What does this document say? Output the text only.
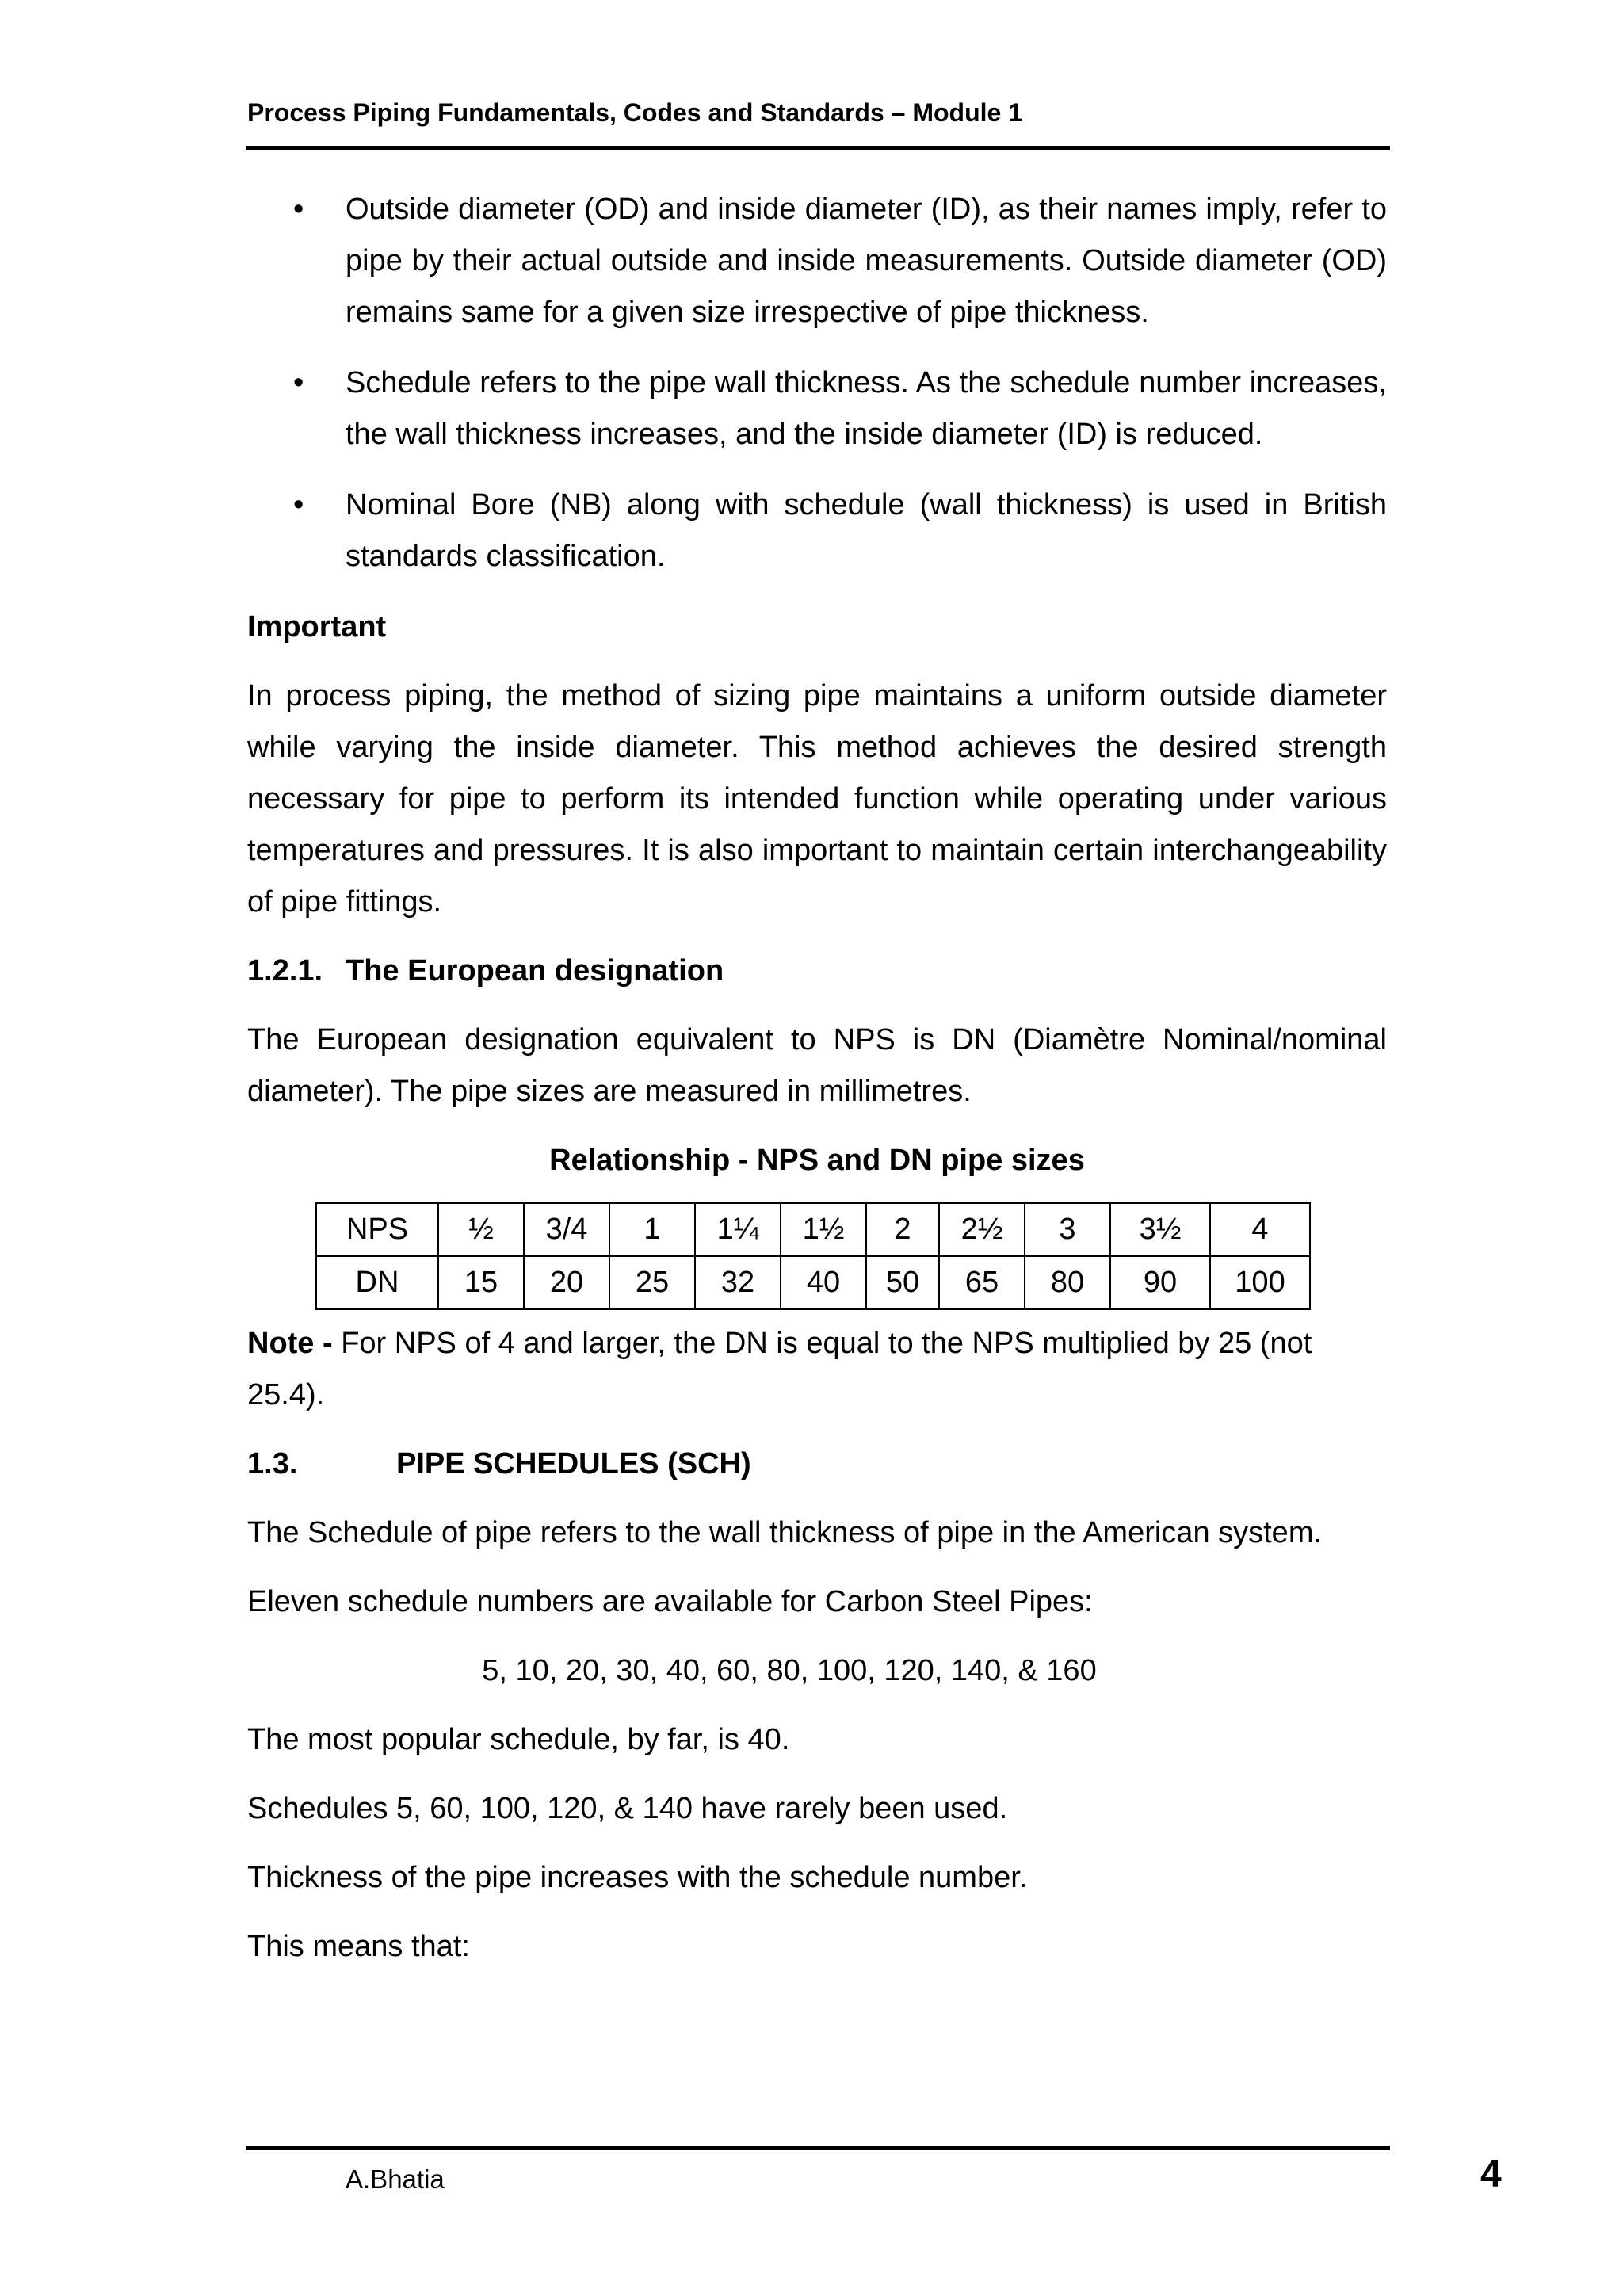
Process Piping Fundamentals, Codes and Standards – Module 1
• Outside diameter (OD) and inside diameter (ID), as their names imply, refer to pipe by their actual outside and inside measurements. Outside diameter (OD) remains same for a given size irrespective of pipe thickness.
• Schedule refers to the pipe wall thickness. As the schedule number increases, the wall thickness increases, and the inside diameter (ID) is reduced.
• Nominal Bore (NB) along with schedule (wall thickness) is used in British standards classification.
Important

In process piping, the method of sizing pipe maintains a uniform outside diameter while varying the inside diameter. This method achieves the desired strength necessary for pipe to perform its intended function while operating under various temperatures and pressures. It is also important to maintain certain interchangeability of pipe fittings.

1.2.1. The European designation

The European designation equivalent to NPS is DN (Diamètre Nominal/nominal diameter). The pipe sizes are measured in millimetres.

Relationship - NPS and DN pipe sizes
NPS	½	3/4	1	1¼	1½	2	2½	3	3½	4
DN	15	20	25	32	40	50	65	80	90	100

Note - For NPS of 4 and larger, the DN is equal to the NPS multiplied by 25 (not 25.4).

1.3.	PIPE SCHEDULES (SCH)

The Schedule of pipe refers to the wall thickness of pipe in the American system.

Eleven schedule numbers are available for Carbon Steel Pipes:

5, 10, 20, 30, 40, 60, 80, 100, 120, 140, & 160

The most popular schedule, by far, is 40.

Schedules 5, 60, 100, 120, & 140 have rarely been used.

Thickness of the pipe increases with the schedule number.

This means that:

A.Bhatia	4
